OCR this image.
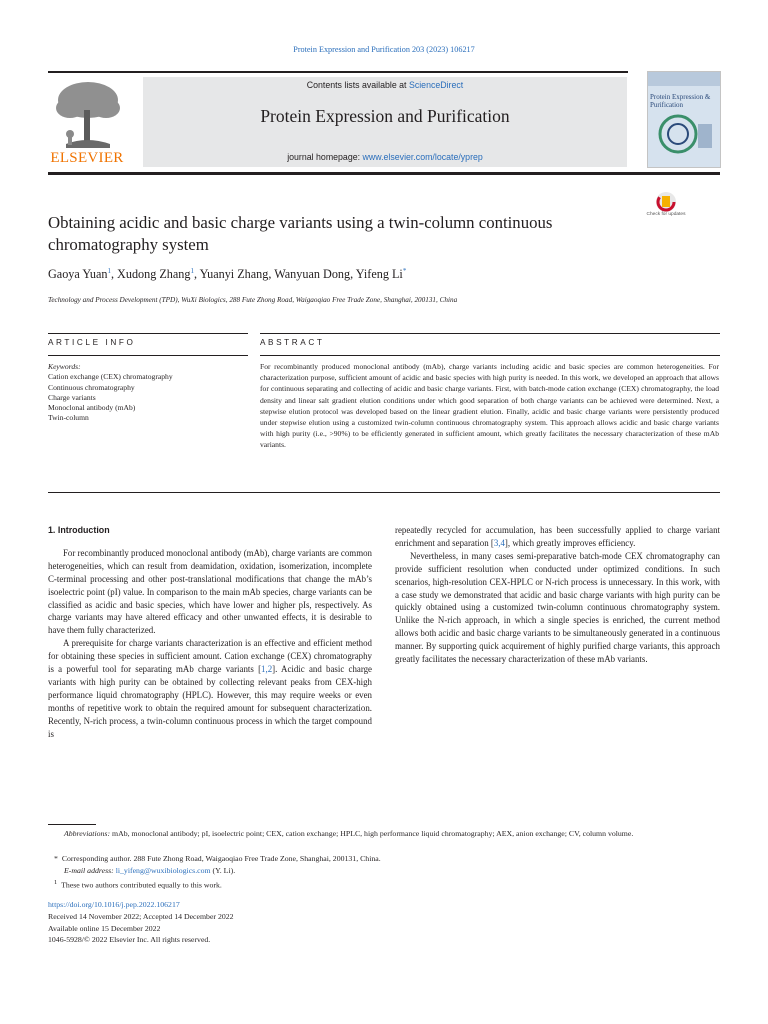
Protein Expression and Purification 203 (2023) 106217
ELSEVIER
Contents lists available at ScienceDirect
Protein Expression and Purification
journal homepage: www.elsevier.com/locate/yprep
Protein Expression & Purification
Obtaining acidic and basic charge variants using a twin-column continuous chromatography system
Check for updates
Gaoya Yuan$^1$, Xudong Zhang$^1$, Yuanyi Zhang, Wanyuan Dong, Yifeng Li*
Technology and Process Development (TPD), WuXi Biologics, 288 Fute Zhong Road, Waigaoqiao Free Trade Zone, Shanghai, 200131, China
ARTICLE INFO
Keywords:
Cation exchange (CEX) chromatography
Continuous chromatography
Charge variants
Monoclonal antibody (mAb)
Twin-column
ABSTRACT
For recombinantly produced monoclonal antibody (mAb), charge variants including acidic and basic species are common heterogeneities. For characterization purpose, sufficient amount of acidic and basic species with high purity is needed. In this work, we developed an approach that allows for continuous separating and collecting of acidic and basic charge variants. First, with batch-mode cation exchange (CEX) chromatography, the load density and linear salt gradient elution conditions under which good separation of both charge variants can be achieved were determined. Next, a stepwise elution protocol was developed based on the linear gradient elution. Finally, acidic and basic charge variants were persistently produced under stepwise elution using a customized twin-column continuous chromatography system. This approach allows acidic and basic charge variants with high purity (i.e., >90%) to be efficiently generated in sufficient amount, which greatly facilitates the necessary characterization of these mAb variants.
1. Introduction

For recombinantly produced monoclonal antibody (mAb), charge variants are common heterogeneities, which can result from deamidation, oxidation, isomerization, incomplete C-terminal processing and other post-translational modifications that change the mAb’s isoelectric point (pI) value. In comparison to the main mAb species, charge variants can be classified as acidic and basic species, which have lower and higher pIs, respectively. As charge variants may have altered efficacy and other unwanted effects, it is desirable to have them fully characterized.

A prerequisite for charge variants characterization is an effective and efficient method for obtaining these species in sufficient amount. Cation exchange (CEX) chromatography is a powerful tool for separating mAb charge variants [1,2]. Acidic and basic charge variants with high purity can be obtained by collecting relevant peaks from CEX-high performance liquid chromatography (HPLC). However, this may require weeks or even months of repetitive work to obtain the required amount for subsequent characterization. Recently, N-rich process, a twin-column continuous process in which the target compound is

repeatedly recycled for accumulation, has been successfully applied to charge variant enrichment and separation [3,4], which greatly improves efficiency.

Nevertheless, in many cases semi-preparative batch-mode CEX chromatography can provide sufficient resolution when conducted under optimized conditions. In such scenarios, high-resolution CEX-HPLC or N-rich process is unnecessary. In this work, with a case study we demonstrated that acidic and basic charge variants with high purity can be quickly obtained using a customized twin-column continuous chromatography system. Unlike the N-rich approach, in which a single species is enriched, the current method allows both acidic and basic charge variants to be simultaneously generated in a continuous manner. By supporting quick acquirement of highly purified charge variants, this approach greatly facilitates the necessary characterization of these mAb variants.

Abbreviations: mAb, monoclonal antibody; pI, isoelectric point; CEX, cation exchange; HPLC, high performance liquid chromatography; AEX, anion exchange; CV, column volume.
* Corresponding author. 288 Fute Zhong Road, Waigaoqiao Free Trade Zone, Shanghai, 200131, China.
E-mail address: li_yifeng@wuxibiologics.com (Y. Li).
$^1$ These two authors contributed equally to this work.
https://doi.org/10.1016/j.pep.2022.106217
Received 14 November 2022; Accepted 14 December 2022
Available online 15 December 2022
1046-5928/© 2022 Elsevier Inc. All rights reserved.
